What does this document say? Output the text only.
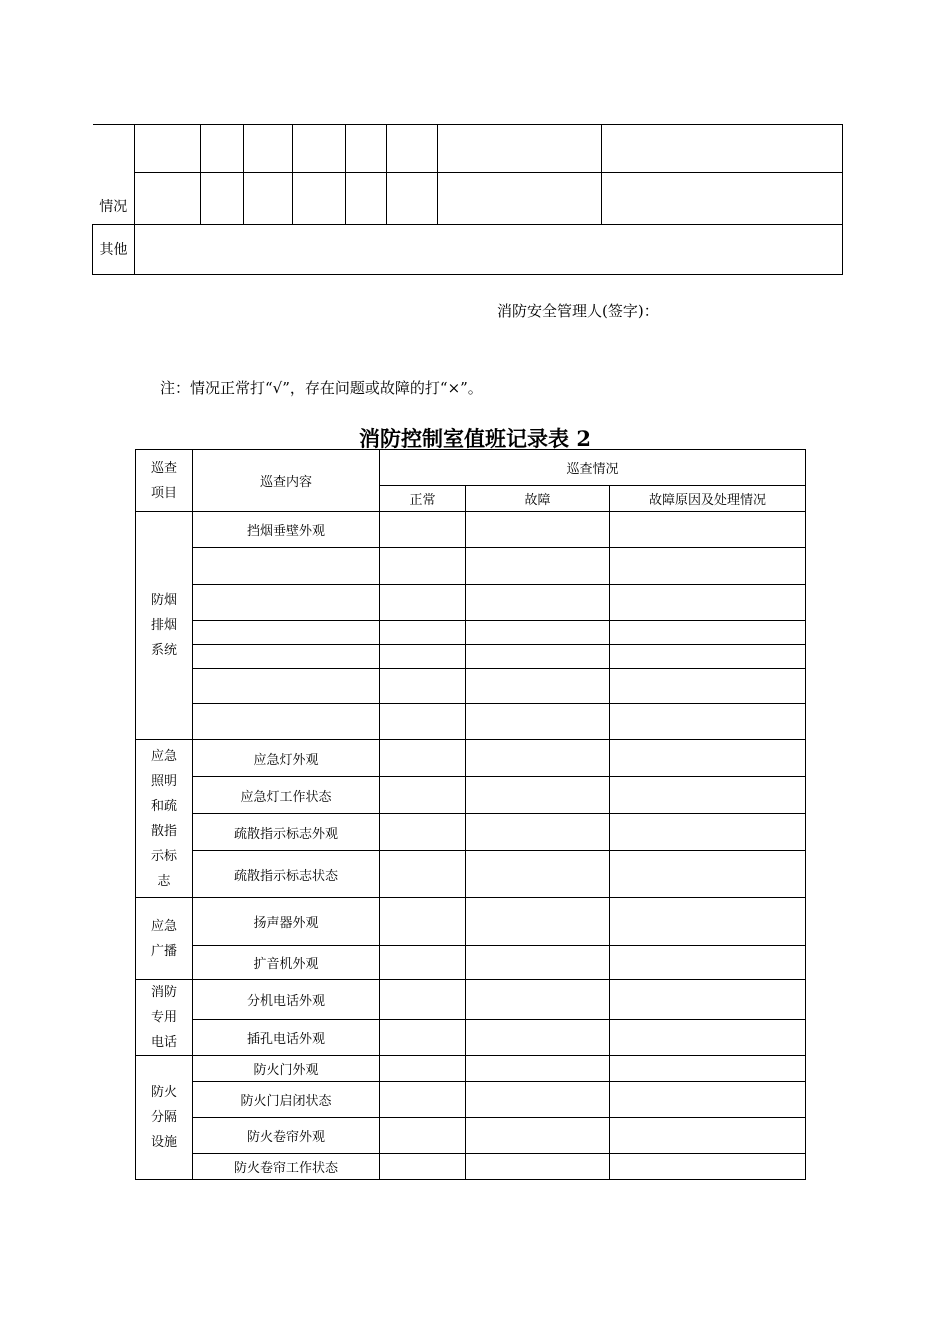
情况								

其他								
消防安全管理人(签字)：
注：情况正常打“√”，存在问题或故障的打“×”。
消防控制室值班记录表 2
巡查项目	巡查内容	巡查情况		
		正常	故障	故障原因及处理情况
防烟排烟系统	挡烟垂壁外观			

应急照明和疏散指示标志	应急灯外观			
	应急灯工作状态			
	疏散指示标志外观			
	疏散指示标志状态			
应急广播	扬声器外观			
	扩音机外观			
消防专用电话	分机电话外观			
	插孔电话外观			
防火分隔设施	防火门外观			
	防火门启闭状态			
	防火卷帘外观			
	防火卷帘工作状态			
